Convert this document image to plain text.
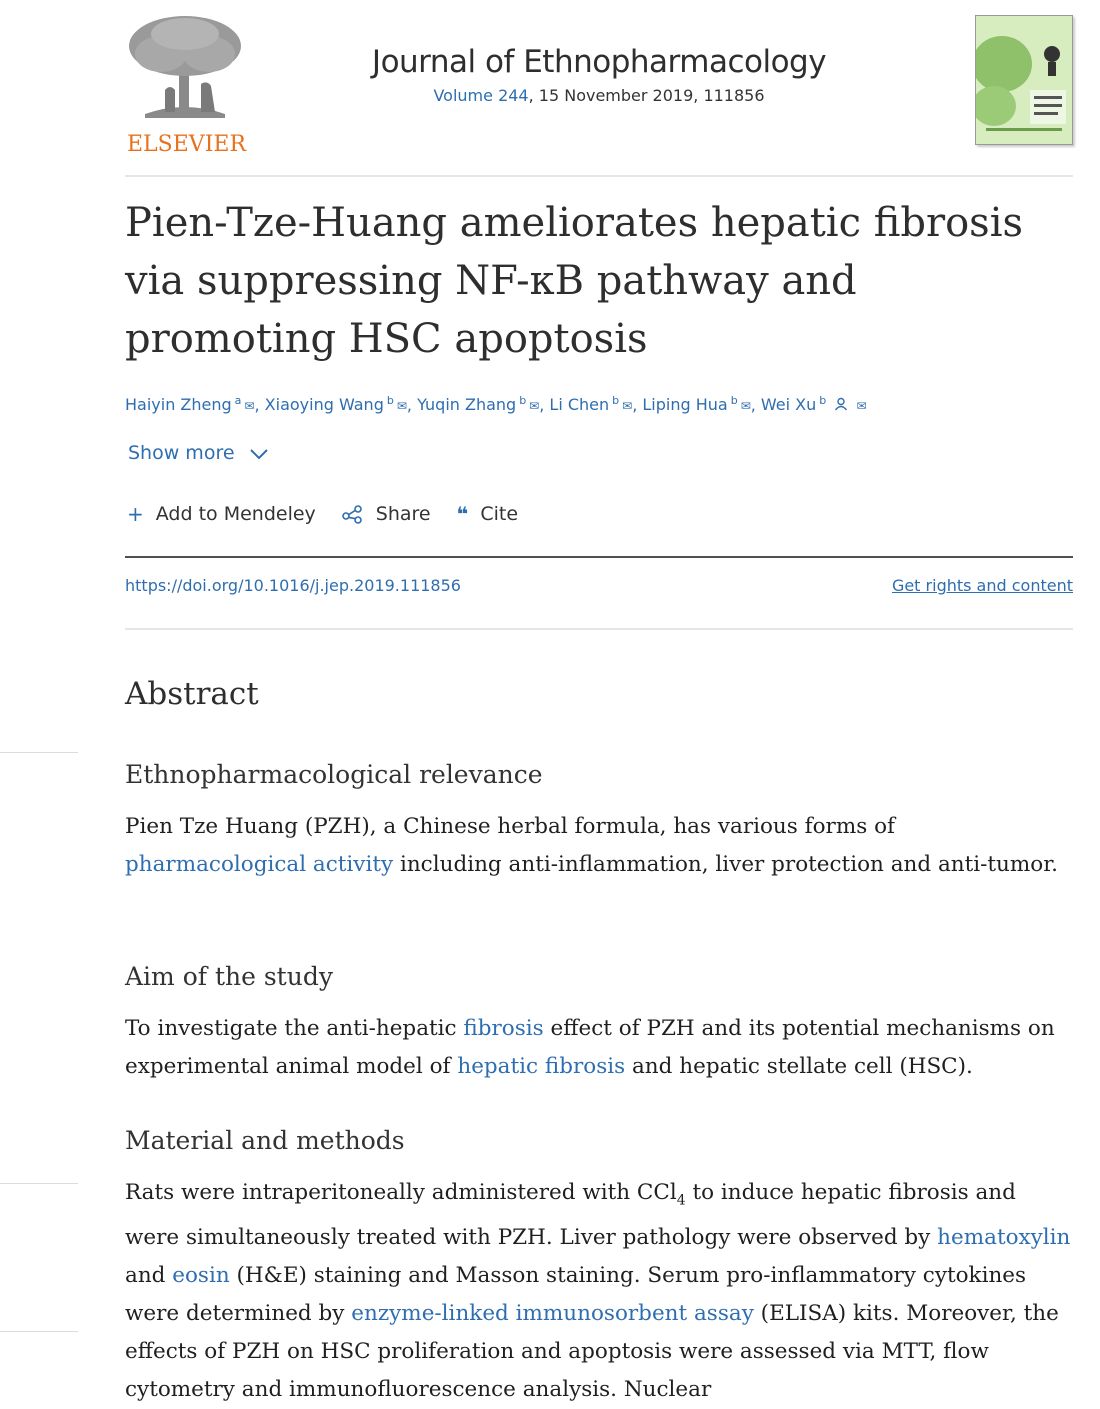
ELSEVIER
Journal of Ethnopharmacology
Volume 244, 15 November 2019, 111856
Pien-Tze-Huang ameliorates hepatic fibrosis via suppressing NF-κB pathway and promoting HSC apoptosis
Haiyin Zheng $^a$ ✉, Xiaoying Wang $^b$ ✉, Yuqin Zhang $^b$ ✉, Li Chen $^b$ ✉, Liping Hua $^b$ ✉, Wei Xu $^b$	✉
Show more
+ Add to Mendeley	Share ❝ Cite
https://doi.org/10.1016/j.jep.2019.111856	Get rights and content
Abstract
Ethnopharmacological relevance

Pien Tze Huang (PZH), a Chinese herbal formula, has various forms of pharmacological activity including anti-inflammation, liver protection and anti-tumor.

Aim of the study

To investigate the anti-hepatic fibrosis effect of PZH and its potential mechanisms on experimental animal model of hepatic fibrosis and hepatic stellate cell (HSC).

Material and methods

Rats were intraperitoneally administered with CCl$_4$ to induce hepatic fibrosis and were simultaneously treated with PZH. Liver pathology were observed by hematoxylin and eosin (H&E) staining and Masson staining. Serum pro-inflammatory cytokines were determined by enzyme-linked immunosorbent assay (ELISA) kits. Moreover, the effects of PZH on HSC proliferation and apoptosis were assessed via MTT, flow cytometry and immunofluorescence analysis. Nuclear
